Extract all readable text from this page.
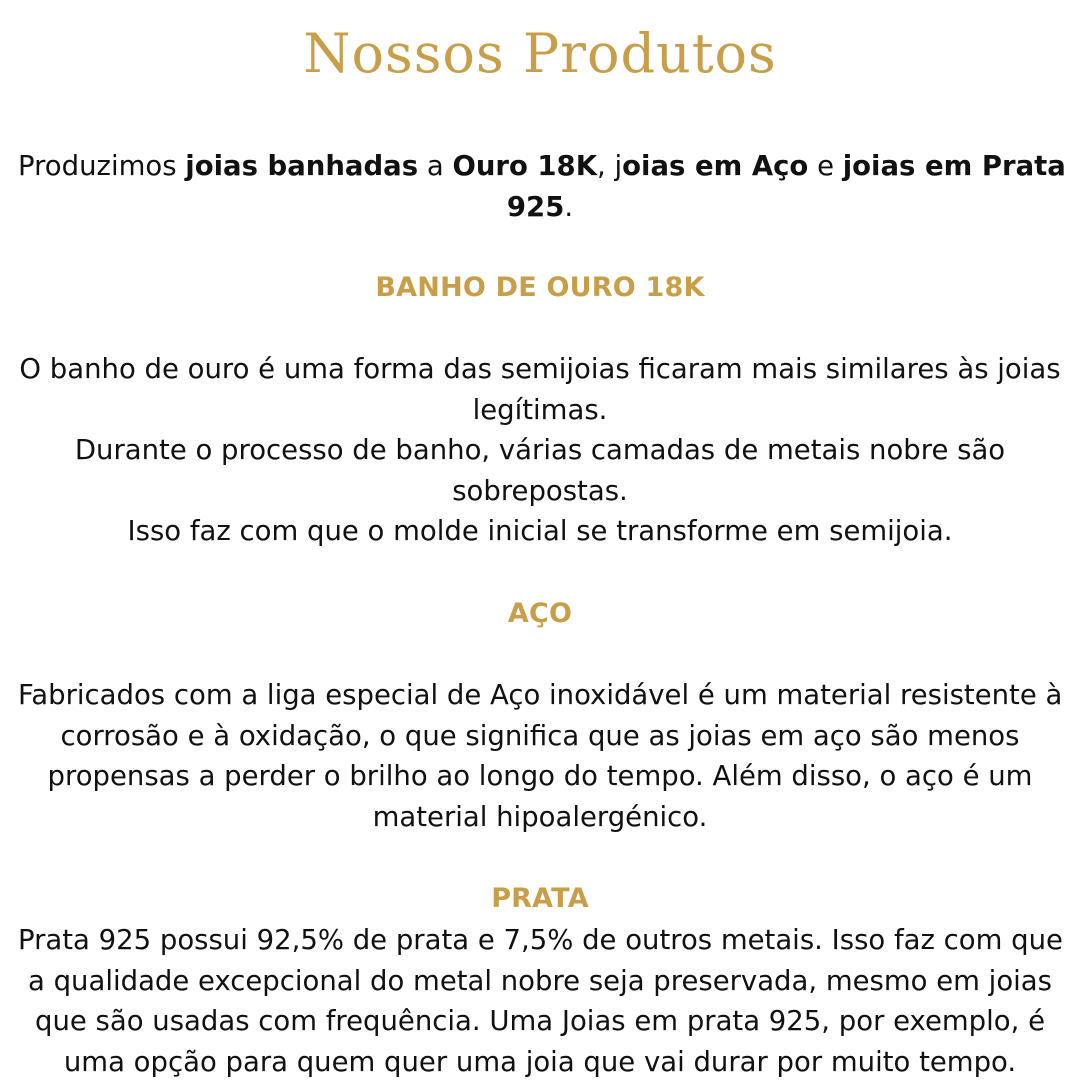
Nossos Produtos
Produzimos joias banhadas a Ouro 18K, joias em Aço e joias em Prata
925.
BANHO DE OURO 18K
O banho de ouro é uma forma das semijoias ficaram mais similares às joias
legítimas.
Durante o processo de banho, várias camadas de metais nobre são
sobrepostas.
Isso faz com que o molde inicial se transforme em semijoia.
AÇO
Fabricados com a liga especial de Aço inoxidável é um material resistente à
corrosão e à oxidação, o que significa que as joias em aço são menos
propensas a perder o brilho ao longo do tempo. Além disso, o aço é um
material hipoalergénico.
PRATA
Prata 925 possui 92,5% de prata e 7,5% de outros metais. Isso faz com que
a qualidade excepcional do metal nobre seja preservada, mesmo em joias
que são usadas com frequência. Uma Joias em prata 925, por exemplo, é
uma opção para quem quer uma joia que vai durar por muito tempo.
